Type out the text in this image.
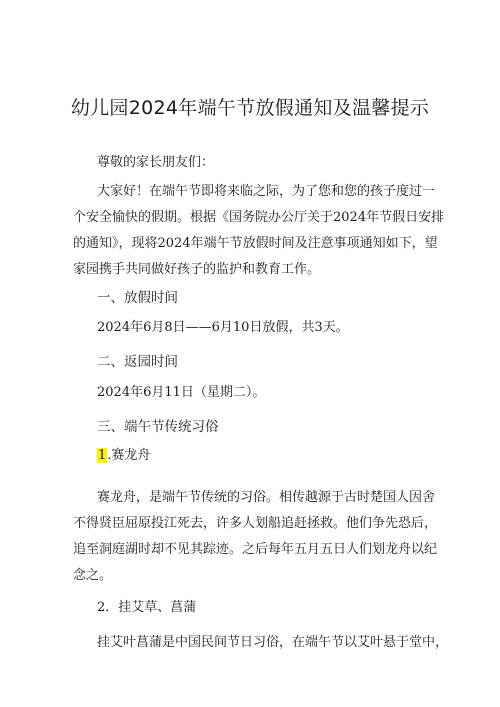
幼儿园2024年端午节放假通知及温馨提示
尊敬的家长朋友们：
大家好！在端午节即将来临之际，为了您和您的孩子度过一
个安全愉快的假期。根据《国务院办公厅关于2024年节假日安排
的通知》，现将2024年端午节放假时间及注意事项通知如下，望
家园携手共同做好孩子的监护和教育工作。
一、放假时间
2024年6月8日——6月10日放假，共3天。
二、返园时间
2024年6月11日（星期二）。
三、端午节传统习俗
1.赛龙舟
赛龙舟，是端午节传统的习俗。相传越源于古时楚国人因舍
不得贤臣屈原投江死去，许多人划船追赶拯救。他们争先恐后，
追至洞庭湖时却不见其踪迹。之后每年五月五日人们划龙舟以纪
念之。
2．挂艾草、菖蒲
挂艾叶菖蒲是中国民间节日习俗，在端午节以艾叶悬于堂中，
